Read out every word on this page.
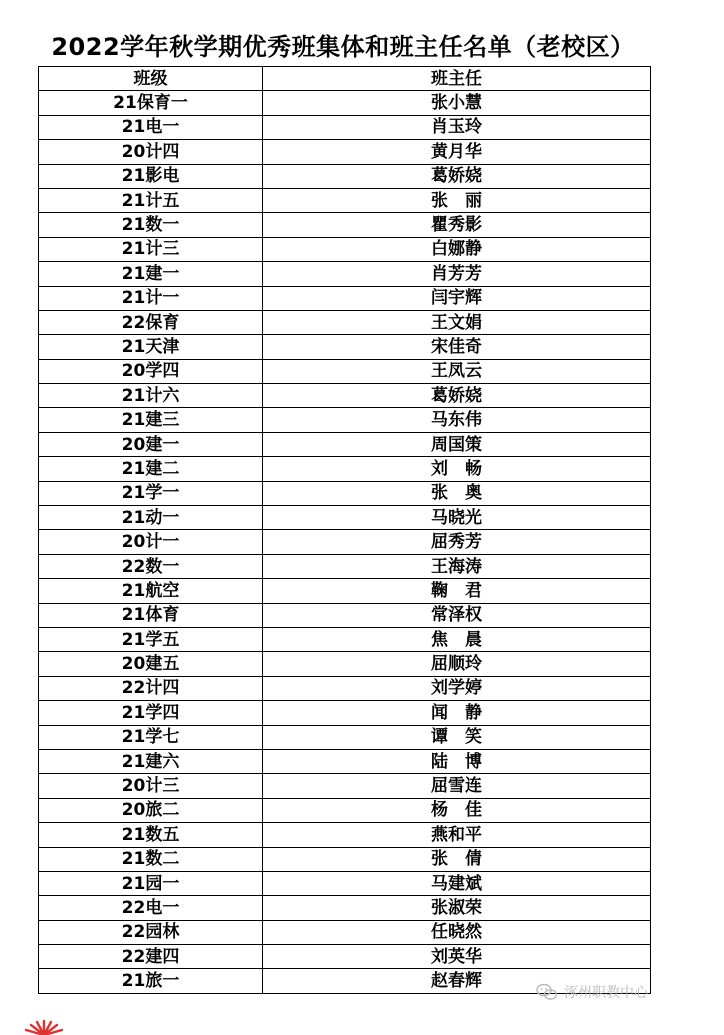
2022学年秋学期优秀班集体和班主任名单（老校区）
班级	班主任
21保育一	张小慧
21电一	肖玉玲
20计四	黄月华
21影电	葛娇娆
21计五	张　丽
21数一	瞿秀影
21计三	白娜静
21建一	肖芳芳
21计一	闫宇辉
22保育	王文娟
21天津	宋佳奇
20学四	王凤云
21计六	葛娇娆
21建三	马东伟
20建一	周国策
21建二	刘　畅
21学一	张　奥
21动一	马晓光
20计一	屈秀芳
22数一	王海涛
21航空	鞠　君
21体育	常泽权
21学五	焦　晨
20建五	屈顺玲
22计四	刘学婷
21学四	闻　静
21学七	谭　笑
21建六	陆　博
20计三	屈雪连
20旅二	杨　佳
21数五	燕和平
21数二	张　倩
21园一	马建斌
22电一	张淑荣
22园林	任晓然
22建四	刘英华
21旅一	赵春辉
涿州职教中心
